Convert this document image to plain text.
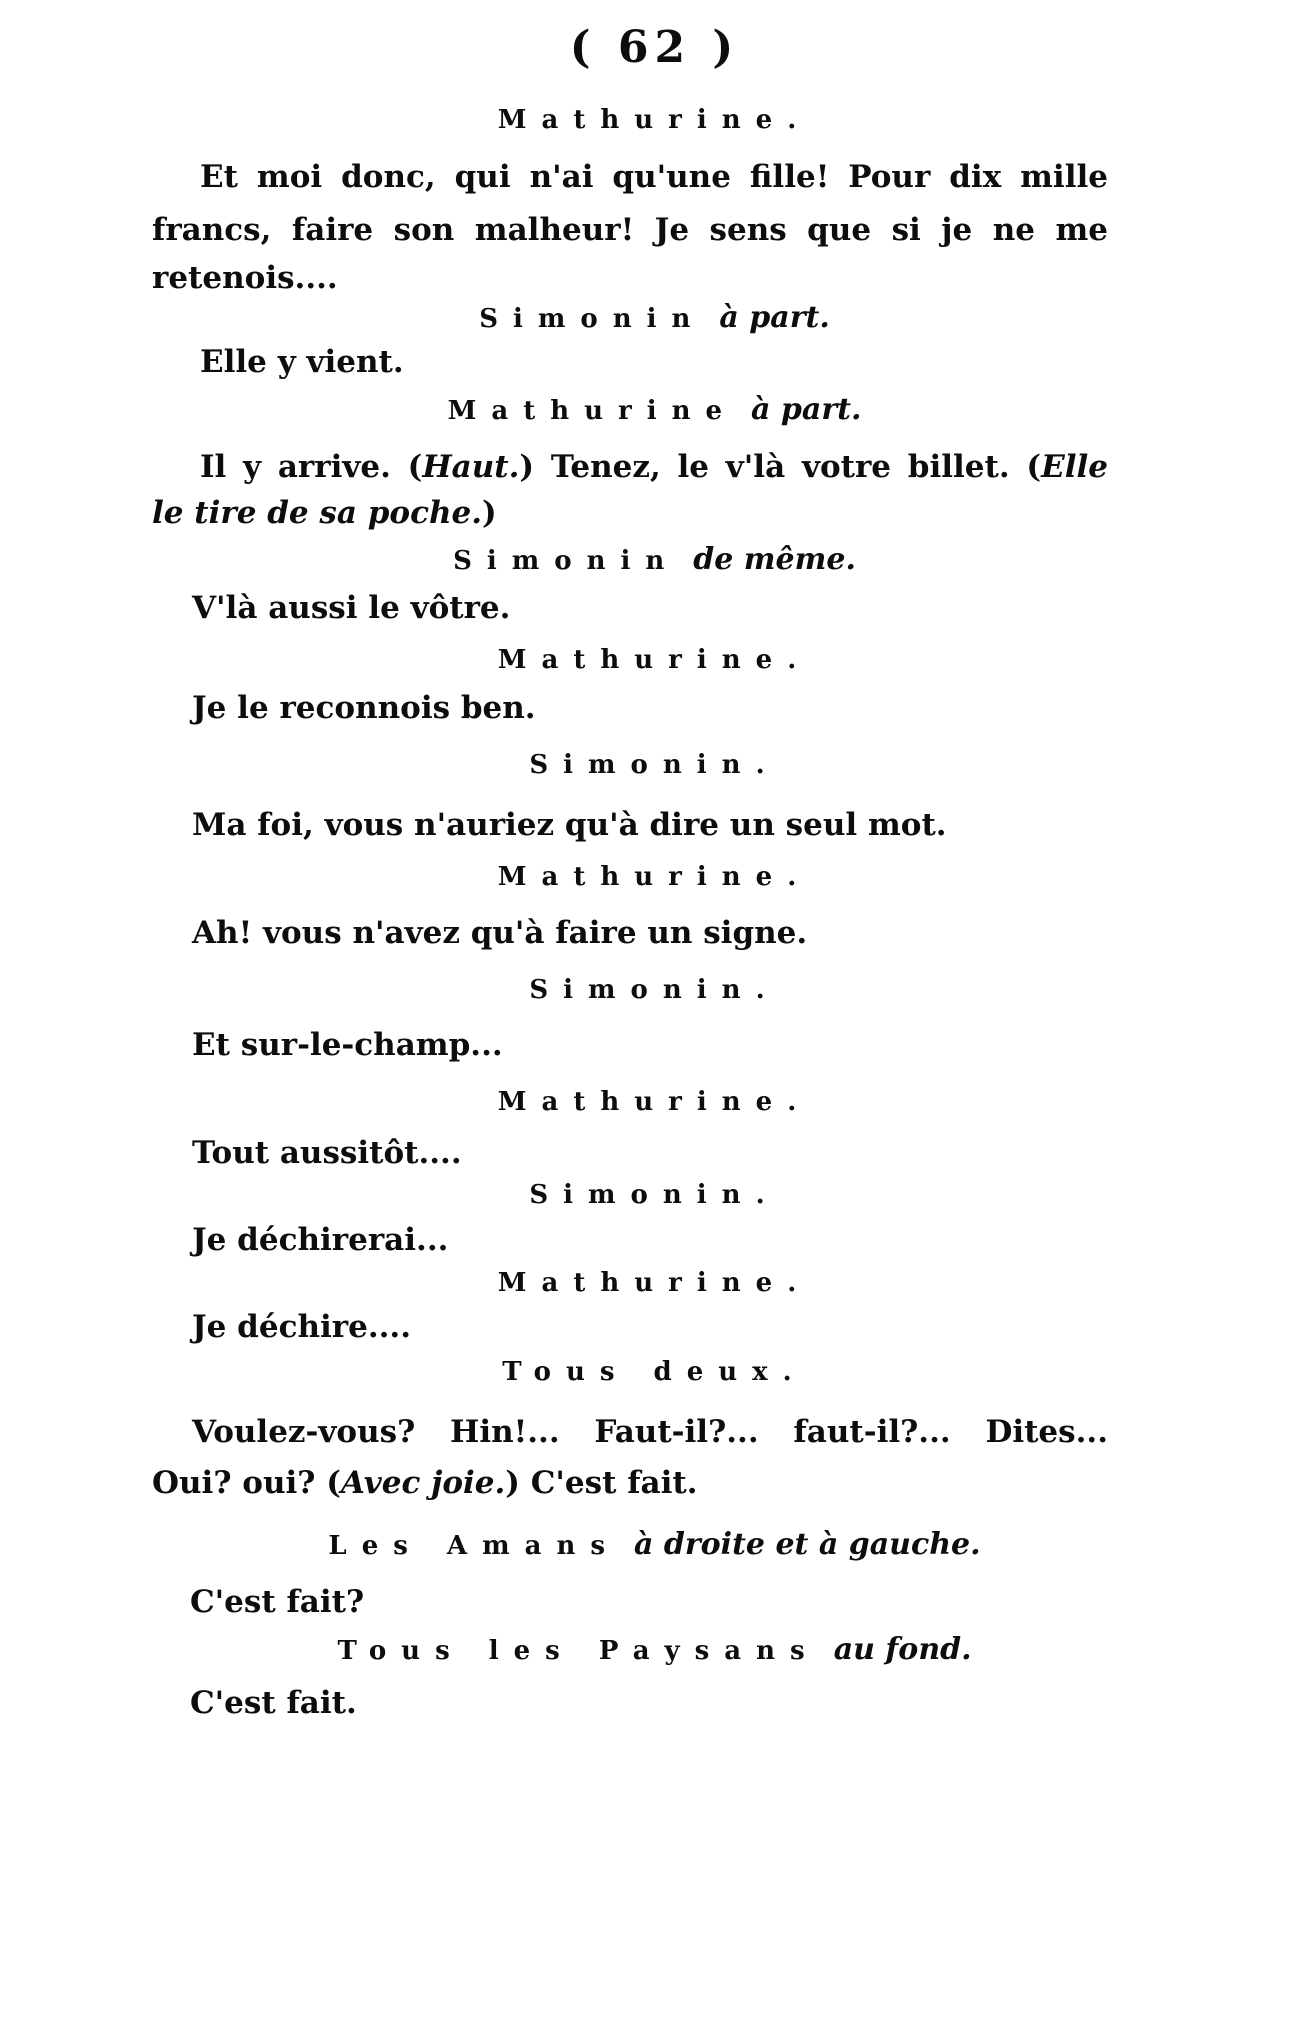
( 62 )
Mathurine.
Et moi donc, qui n'ai qu'une fille! Pour dix mille
francs, faire son malheur! Je sens que si je ne me
retenois....
Simonin à part.
Elle y vient.
Mathurine à part.
Il y arrive. (Haut.) Tenez, le v'là votre billet. (Elle
le tire de sa poche.)
Simonin de même.
V'là aussi le vôtre.
Mathurine.
Je le reconnois ben.
Simonin.
Ma foi, vous n'auriez qu'à dire un seul mot.
Mathurine.
Ah! vous n'avez qu'à faire un signe.
Simonin.
Et sur-le-champ...
Mathurine.
Tout aussitôt....
Simonin.
Je déchirerai...
Mathurine.
Je déchire....
Tous deux.
Voulez-vous? Hin!... Faut-il?... faut-il?... Dites...
Oui? oui? (Avec joie.) C'est fait.
Les Amans à droite et à gauche.
C'est fait?
Tous les Paysans au fond.
C'est fait.
